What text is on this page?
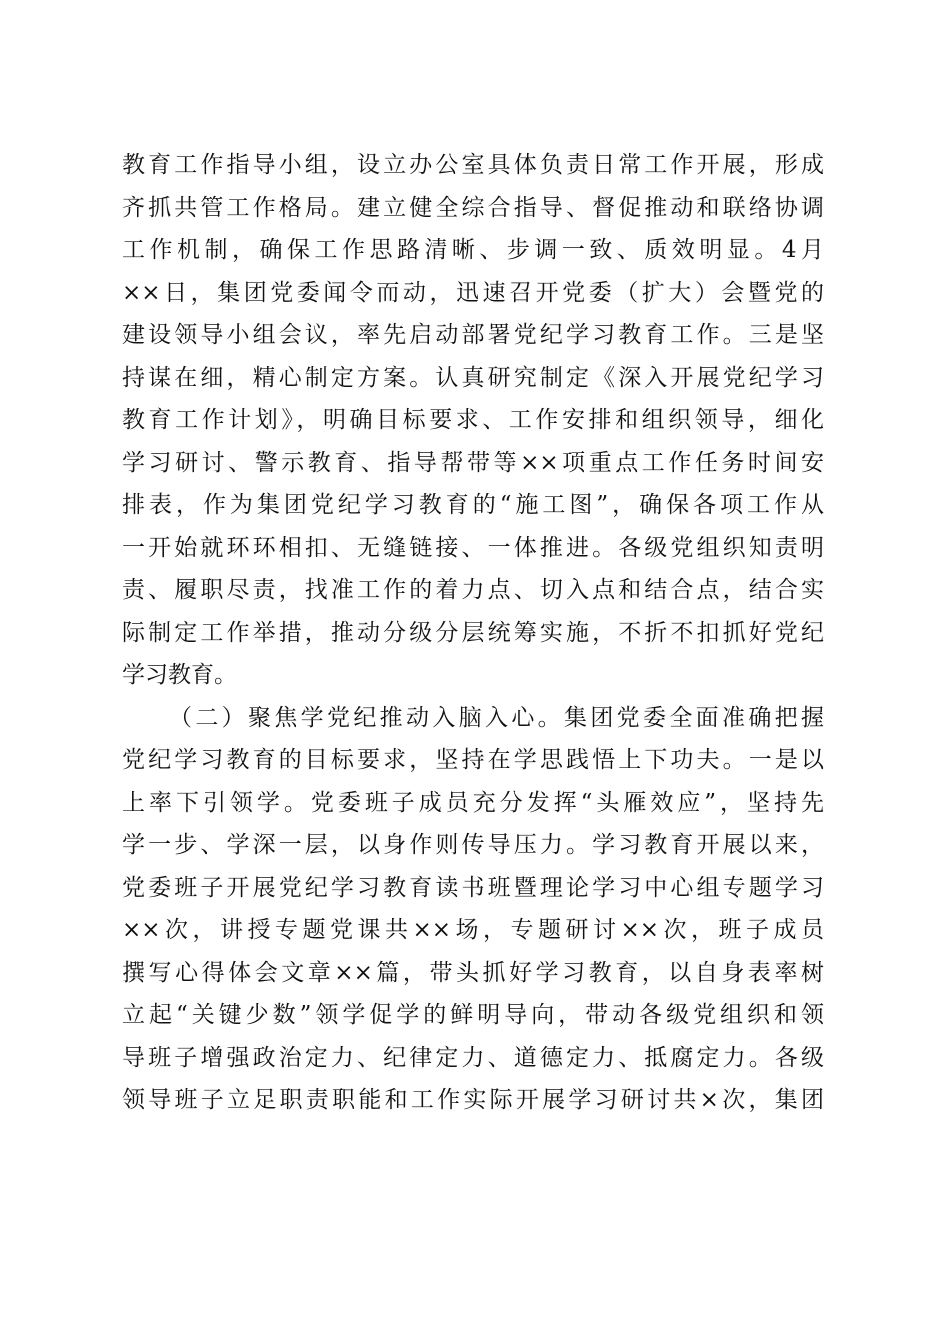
教育工作指导小组，设立办公室具体负责日常工作开展，形成
齐抓共管工作格局。建立健全综合指导、督促推动和联络协调
工作机制，确保工作思路清晰、步调一致、质效明显。4月
××日，集团党委闻令而动，迅速召开党委（扩大）会暨党的
建设领导小组会议，率先启动部署党纪学习教育工作。三是坚
持谋在细，精心制定方案。认真研究制定《深入开展党纪学习
教育工作计划》，明确目标要求、工作安排和组织领导，细化
学习研讨、警示教育、指导帮带等××项重点工作任务时间安
排表，作为集团党纪学习教育的“施工图”，确保各项工作从
一开始就环环相扣、无缝链接、一体推进。各级党组织知责明
责、履职尽责，找准工作的着力点、切入点和结合点，结合实
际制定工作举措，推动分级分层统筹实施，不折不扣抓好党纪
学习教育。
（二）聚焦学党纪推动入脑入心。集团党委全面准确把握
党纪学习教育的目标要求，坚持在学思践悟上下功夫。一是以
上率下引领学。党委班子成员充分发挥“头雁效应”，坚持先
学一步、学深一层，以身作则传导压力。学习教育开展以来，
党委班子开展党纪学习教育读书班暨理论学习中心组专题学习
××次，讲授专题党课共××场，专题研讨××次，班子成员
撰写心得体会文章××篇，带头抓好学习教育，以自身表率树
立起“关键少数”领学促学的鲜明导向，带动各级党组织和领
导班子增强政治定力、纪律定力、道德定力、抵腐定力。各级
领导班子立足职责职能和工作实际开展学习研讨共×次，集团
